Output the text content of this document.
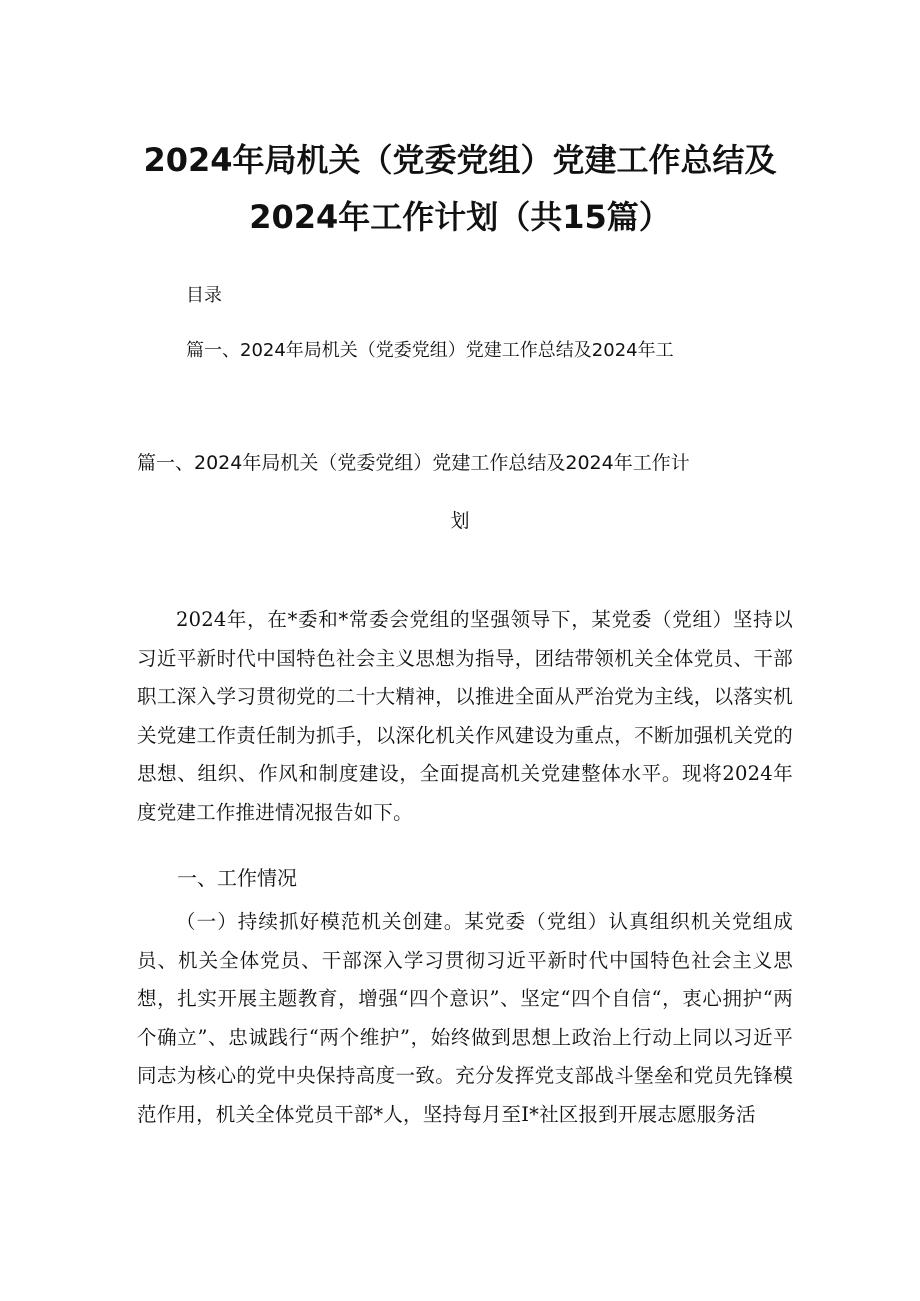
2024年局机关（党委党组）党建工作总结及
2024年工作计划（共15篇）
目录
篇一、2024年局机关（党委党组）党建工作总结及2024年工
篇一、2024年局机关（党委党组）党建工作总结及2024年工作计
划
2024年，在*委和*常委会党组的坚强领导下，某党委（党组）坚持以习近平新时代中国特色社会主义思想为指导，团结带领机关全体党员、干部职工深入学习贯彻党的二十大精神，以推进全面从严治党为主线，以落实机关党建工作责任制为抓手，以深化机关作风建设为重点，不断加强机关党的思想、组织、作风和制度建设，全面提高机关党建整体水平。现将2024年度党建工作推进情况报告如下。
一、工作情况
（一）持续抓好模范机关创建。某党委（党组）认真组织机关党组成员、机关全体党员、干部深入学习贯彻习近平新时代中国特色社会主义思想，扎实开展主题教育，增强“四个意识”、坚定“四个自信“，衷心拥护“两个确立”、忠诚践行“两个维护”，始终做到思想上政治上行动上同以习近平同志为核心的党中央保持高度一致。充分发挥党支部战斗堡垒和党员先锋模范作用，机关全体党员干部*人，坚持每月至I*社区报到开展志愿服务活
